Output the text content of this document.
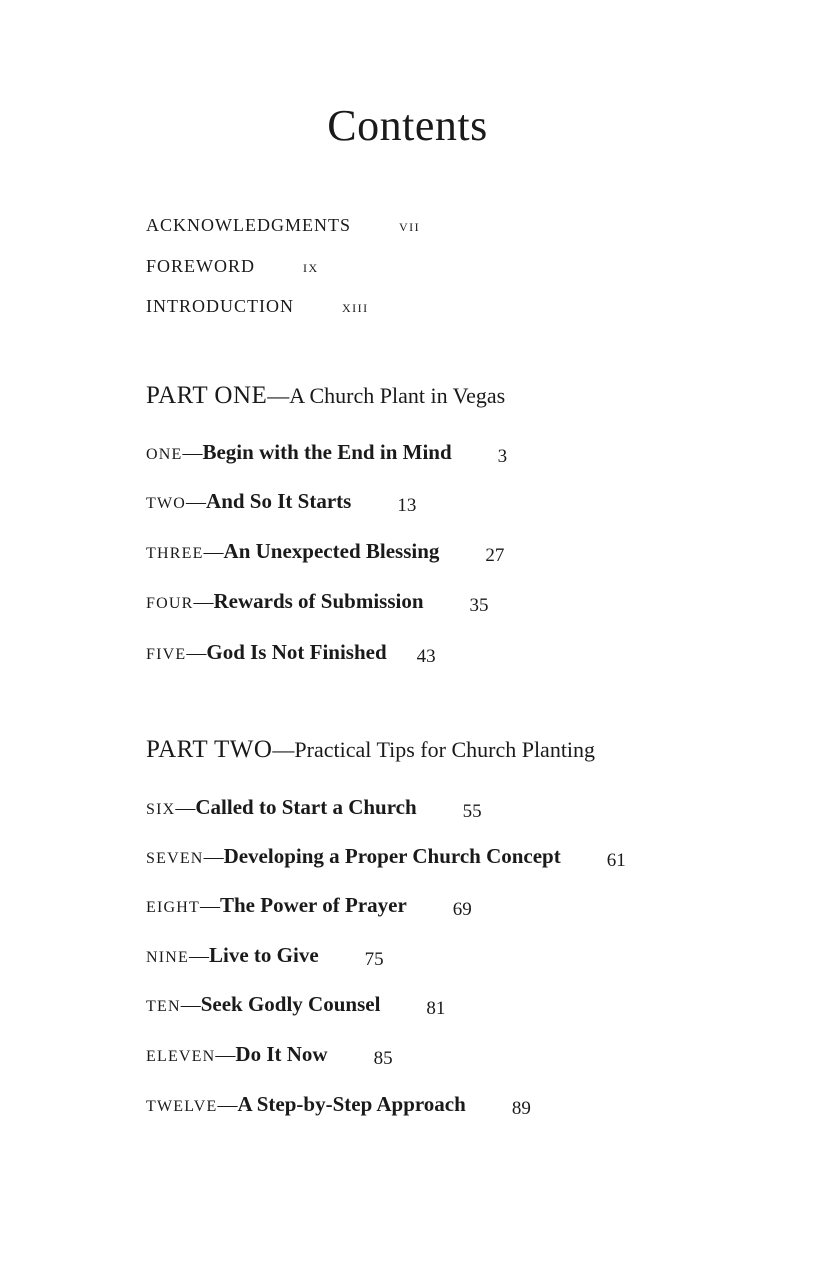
Contents
ACKNOWLEDGMENTS	vii
FOREWORD	ix
INTRODUCTION	xiii
PART ONE — A Church Plant in Vegas
ONE — Begin with the End in Mind 3
TWO — And So It Starts 13
THREE — An Unexpected Blessing 27
FOUR — Rewards of Submission 35
FIVE — God Is Not Finished 43
PART TWO — Practical Tips for Church Planting
SIX — Called to Start a Church 55
SEVEN — Developing a Proper Church Concept 61
EIGHT — The Power of Prayer 69
NINE — Live to Give 75
TEN — Seek Godly Counsel 81
ELEVEN — Do It Now 85
TWELVE — A Step-by-Step Approach 89
